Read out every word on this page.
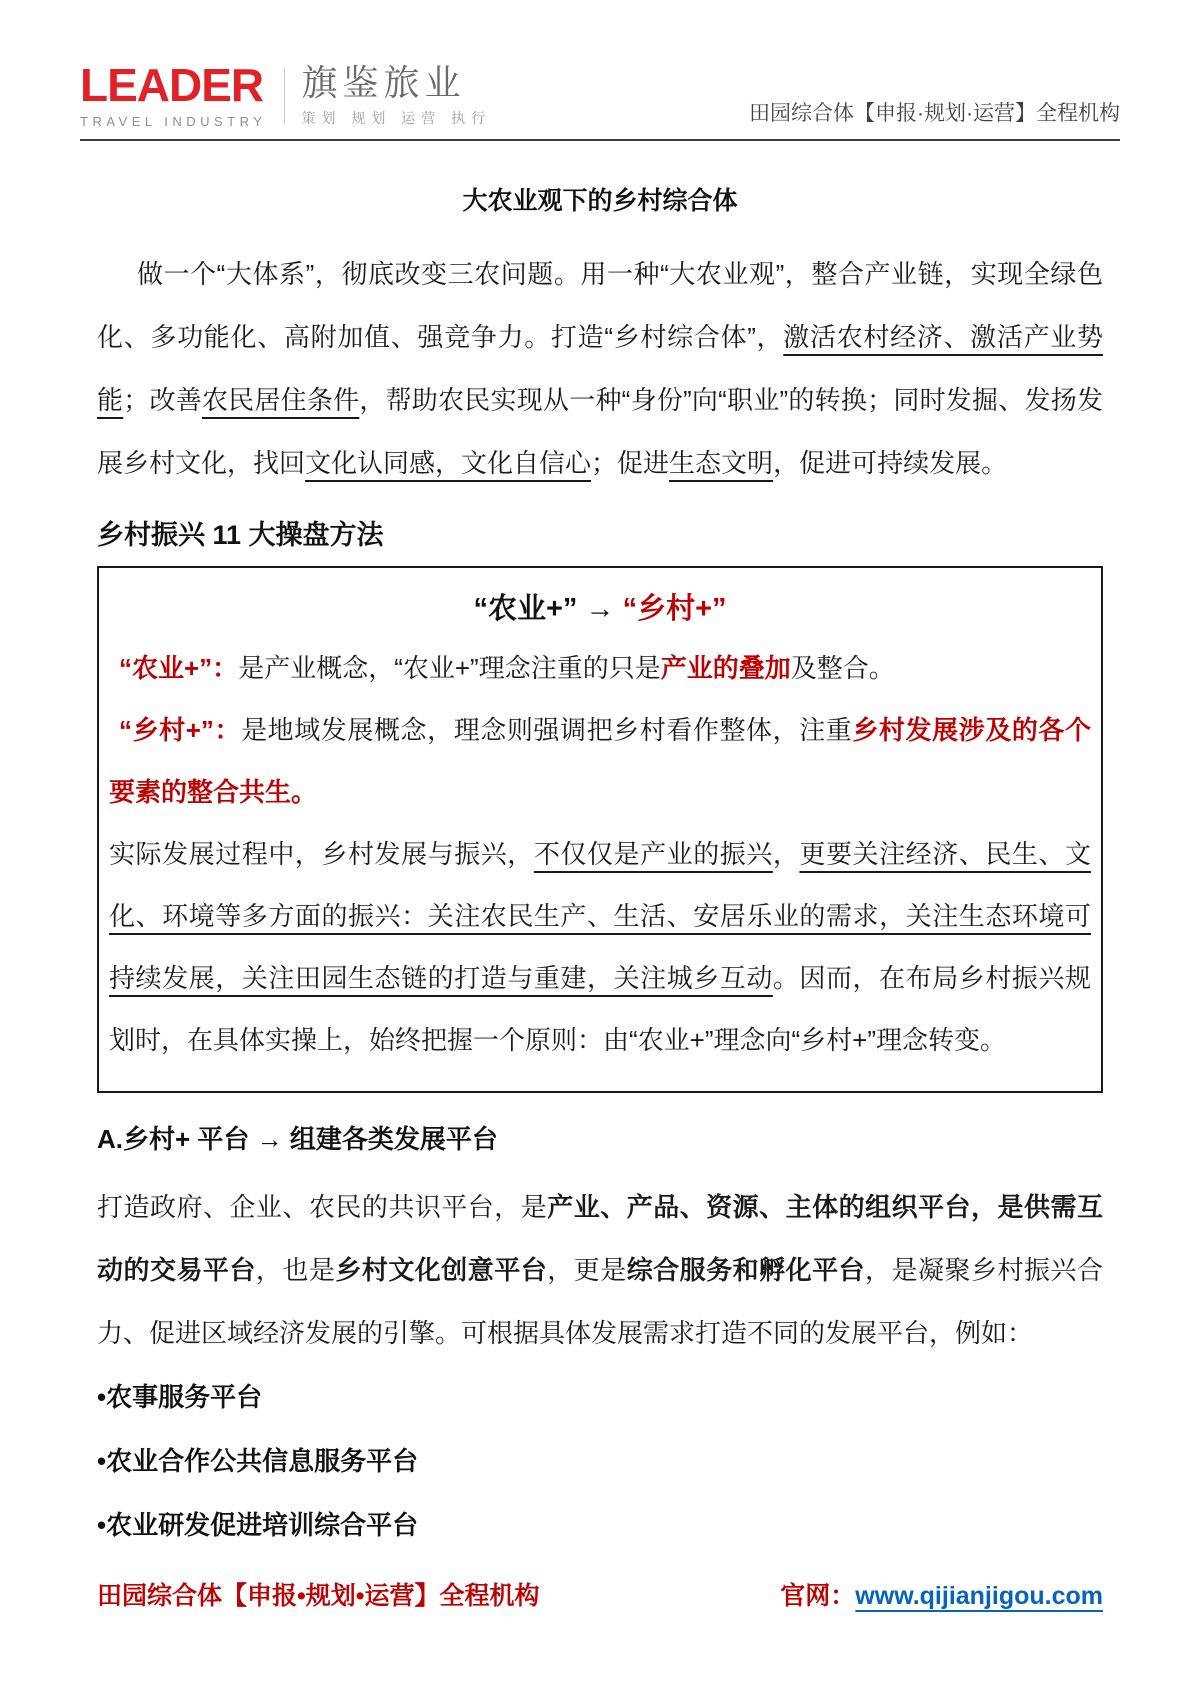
LEADER
TRAVEL INDUSTRY
旗鉴旅业
策划 规划 运营 执行	田园综合体【申报·规划·运营】全程机构
大农业观下的乡村综合体

做一个“大体系”，彻底改变三农问题。用一种“大农业观”，整合产业链，实现全绿色化、多功能化、高附加值、强竞争力。打造“乡村综合体”，激活农村经济、激活产业势能；改善农民居住条件，帮助农民实现从一种“身份”向“职业”的转换；同时发掘、发扬发展乡村文化，找回文化认同感，文化自信心；促进生态文明，促进可持续发展。

乡村振兴 11 大操盘方法
“农业+” → “乡村+”

“农业+”：是产业概念，“农业+”理念注重的只是产业的叠加及整合。

“乡村+”：是地域发展概念，理念则强调把乡村看作整体，注重乡村发展涉及的各个要素的整合共生。

实际发展过程中，乡村发展与振兴，不仅仅是产业的振兴，更要关注经济、民生、文化、环境等多方面的振兴：关注农民生产、生活、安居乐业的需求，关注生态环境可持续发展，关注田园生态链的打造与重建，关注城乡互动。因而，在布局乡村振兴规划时，在具体实操上，始终把握一个原则：由“农业+”理念向“乡村+”理念转变。

A.乡村+ 平台 → 组建各类发展平台

打造政府、企业、农民的共识平台，是产业、产品、资源、主体的组织平台，是供需互动的交易平台，也是乡村文化创意平台，更是综合服务和孵化平台，是凝聚乡村振兴合力、促进区域经济发展的引擎。可根据具体发展需求打造不同的发展平台，例如：

•农事服务平台

•农业合作公共信息服务平台

•农业研发促进培训综合平台

田园综合体【申报•规划•运营】全程机构	官网：www.qijianjigou.com
